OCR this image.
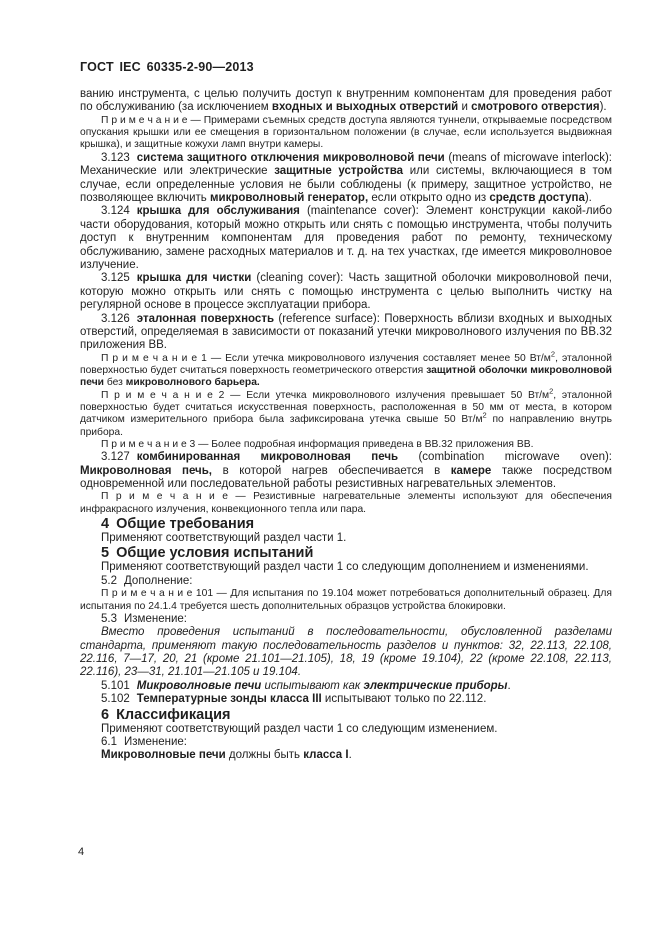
ГОСТ IEC 60335-2-90—2013

ванию инструмента, с целью получить доступ к внутренним компонентам для проведения работ по обслуживанию (за исключением входных и выходных отверстий и смотрового отверстия).

П р и м е ч а н и е — Примерами съемных средств доступа являются туннели, открываемые посредством опускания крышки или ее смещения в горизонтальном положении (в случае, если используется выдвижная крышка), и защитные кожухи ламп внутри камеры.

3.123 система защитного отключения микроволновой печи (means of microwave interlock): Механические или электрические защитные устройства или системы, включающиеся в том случае, если определенные условия не были соблюдены (к примеру, защитное устройство, не позволяющее включить микроволновый генератор, если открыто одно из средств доступа).

3.124 крышка для обслуживания (maintenance cover): Элемент конструкции какой-либо части оборудования, который можно открыть или снять с помощью инструмента, чтобы получить доступ к внутренним компонентам для проведения работ по ремонту, техническому обслуживанию, замене расходных материалов и т. д. на тех участках, где имеется микроволновое излучение.

3.125 крышка для чистки (cleaning cover): Часть защитной оболочки микроволновой печи, которую можно открыть или снять с помощью инструмента с целью выполнить чистку на регулярной основе в процессе эксплуатации прибора.

3.126 эталонная поверхность (reference surface): Поверхность вблизи входных и выходных отверстий, определяемая в зависимости от показаний утечки микроволнового излучения по BB.32 приложения BB.

П р и м е ч а н и е 1 — Если утечка микроволнового излучения составляет менее 50 $Вт/м^2$, эталонной поверхностью будет считаться поверхность геометрического отверстия защитной оболочки микроволновой печи без микроволнового барьера.

П р и м е ч а н и е 2 — Если утечка микроволнового излучения превышает 50 $Вт/м^2$, эталонной поверхностью будет считаться искусственная поверхность, расположенная в 50 мм от места, в котором датчиком измерительного прибора была зафиксирована утечка свыше 50 $Вт/м^2$ по направлению внутрь прибора.

П р и м е ч а н и е 3 — Более подробная информация приведена в BB.32 приложения BB.

3.127 комбинированная микроволновая печь (combination microwave oven): Микроволновая печь, в которой нагрев обеспечивается в камере также посредством одновременной или последовательной работы резистивных нагревательных элементов.

П р и м е ч а н и е — Резистивные нагревательные элементы используют для обеспечения инфракрасного излучения, конвекционного тепла или пара.

4 Общие требования

Применяют соответствующий раздел части 1.

5 Общие условия испытаний

Применяют соответствующий раздел части 1 со следующим дополнением и изменениями.

5.2 Дополнение:

П р и м е ч а н и е 101 — Для испытания по 19.104 может потребоваться дополнительный образец. Для испытания по 24.1.4 требуется шесть дополнительных образцов устройства блокировки.

5.3 Изменение:

Вместо проведения испытаний в последовательности, обусловленной разделами стандарта, применяют такую последовательность разделов и пунктов: 32, 22.113, 22.108, 22.116, 7—17, 20, 21 (кроме 21.101—21.105), 18, 19 (кроме 19.104), 22 (кроме 22.108, 22.113, 22.116), 23—31, 21.101—21.105 и 19.104.

5.101 Микроволновые печи испытывают как электрические приборы.

5.102 Температурные зонды класса III испытывают только по 22.112.

6 Классификация

Применяют соответствующий раздел части 1 со следующим изменением.

6.1 Изменение:

Микроволновые печи должны быть класса I.

4
